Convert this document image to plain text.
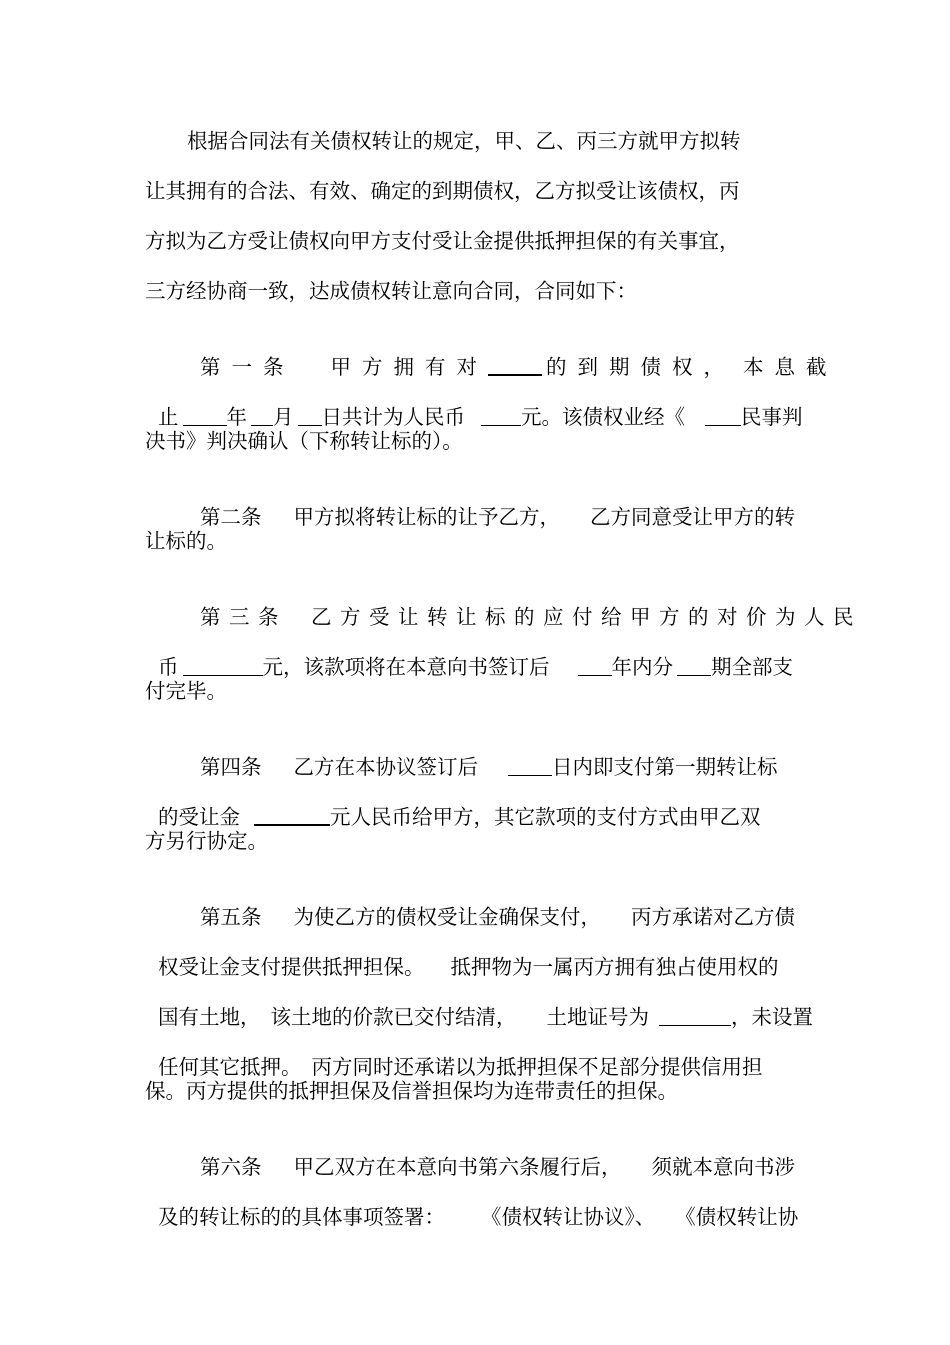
根据合同法有关债权转让的规定，甲、乙、丙三方就甲方拟转
让其拥有的合法、有效、确定的到期债权，乙方拟受让该债权，丙
方拟为乙方受让债权向甲方支付受让金提供抵押担保的有关事宜，
三方经协商一致，达成债权转让意向合同，合同如下：

第一条 甲方拥有对	的到期债权， 本息截

止 年 月 日共计为人民币	元。该债权业经《	民事判

决书》判决确认（下称转让标的）。

第二条 甲方拟将转让标的让予乙方， 乙方同意受让甲方的转

让标的。

第三条 乙方受让转让标的应付给甲方的对价为人民

币	元，该款项将在本意向书签订后	年内分 期全部支

付完毕。

第四条 乙方在本协议签订后	日内即支付第一期转让标

的受让金	元人民币给甲方，其它款项的支付方式由甲乙双

方另行协定。

第五条 为使乙方的债权受让金确保支付， 丙方承诺对乙方债

权受让金支付提供抵押担保。 抵押物为一属丙方拥有独占使用权的

国有土地， 该土地的价款已交付结清， 土地证号为	，未设置

任何其它抵押。 丙方同时还承诺以为抵押担保不足部分提供信用担

保。丙方提供的抵押担保及信誉担保均为连带责任的担保。

第六条 甲乙双方在本意向书第六条履行后， 须就本意向书涉

及的转让标的的具体事项签署： 《债权转让协议》、 《债权转让协
